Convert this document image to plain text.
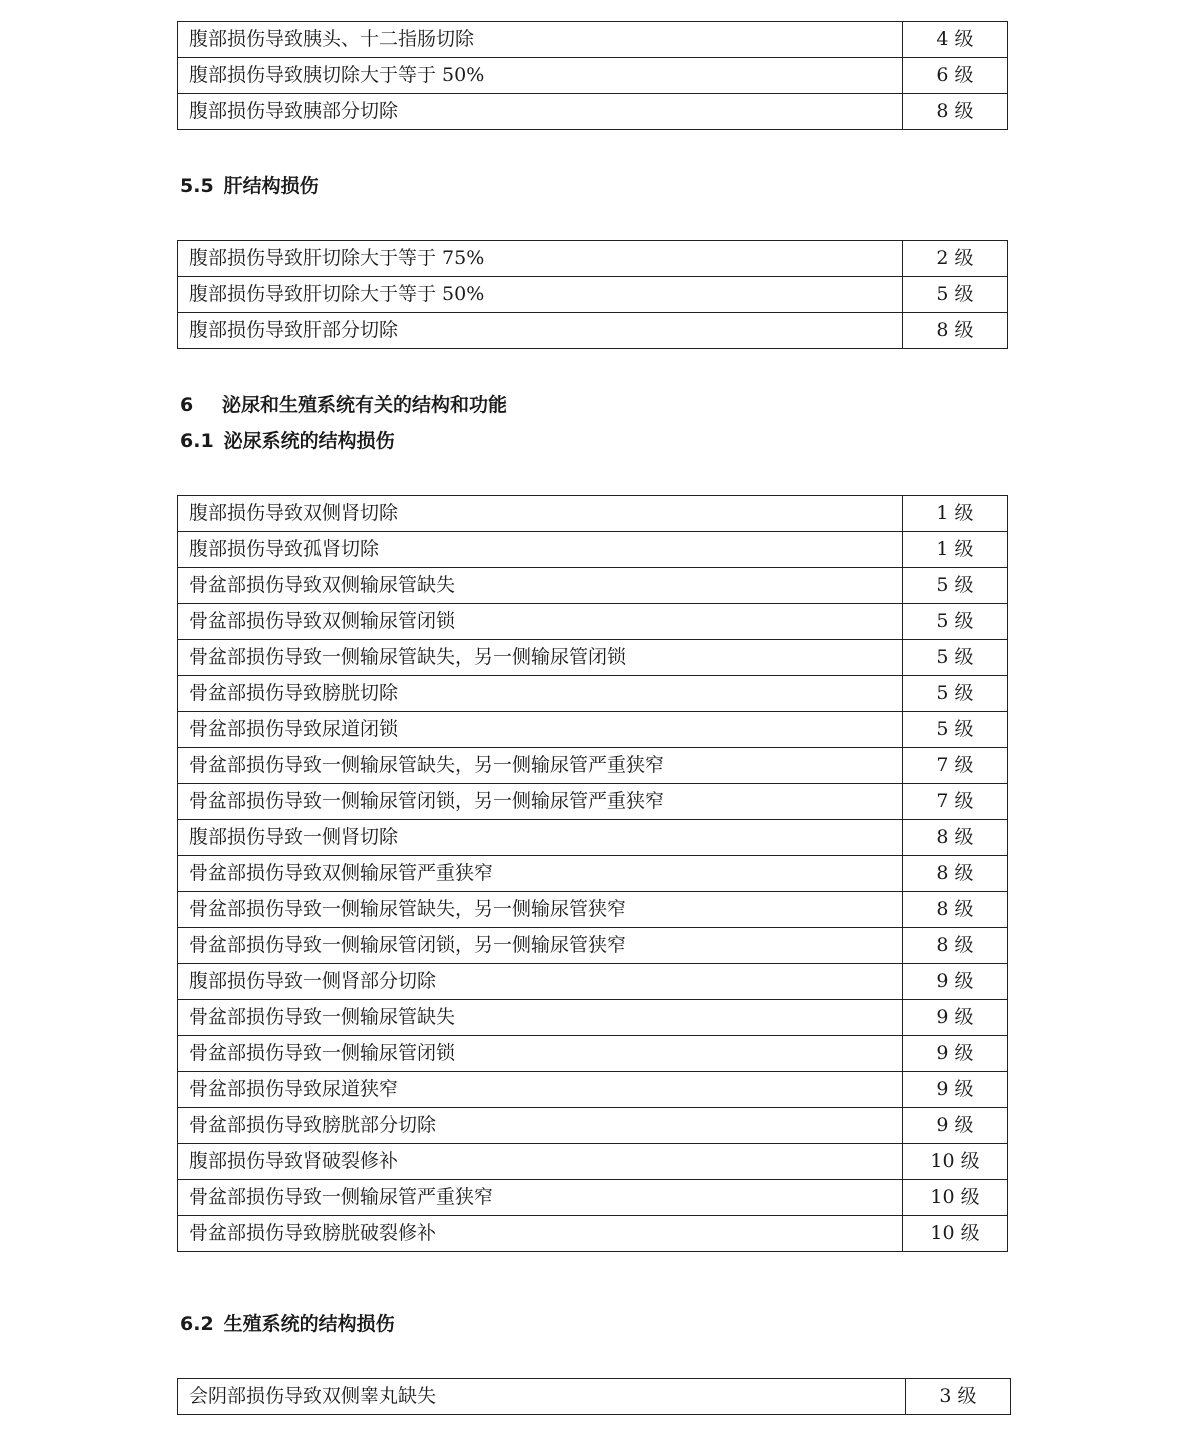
腹部损伤导致胰头、十二指肠切除	4 级
腹部损伤导致胰切除大于等于 50%	6 级
腹部损伤导致胰部分切除	8 级
5.5 肝结构损伤
腹部损伤导致肝切除大于等于 75%	2 级
腹部损伤导致肝切除大于等于 50%	5 级
腹部损伤导致肝部分切除	8 级
6 泌尿和生殖系统有关的结构和功能
6.1 泌尿系统的结构损伤
腹部损伤导致双侧肾切除	1 级
腹部损伤导致孤肾切除	1 级
骨盆部损伤导致双侧输尿管缺失	5 级
骨盆部损伤导致双侧输尿管闭锁	5 级
骨盆部损伤导致一侧输尿管缺失，另一侧输尿管闭锁	5 级
骨盆部损伤导致膀胱切除	5 级
骨盆部损伤导致尿道闭锁	5 级
骨盆部损伤导致一侧输尿管缺失，另一侧输尿管严重狭窄	7 级
骨盆部损伤导致一侧输尿管闭锁，另一侧输尿管严重狭窄	7 级
腹部损伤导致一侧肾切除	8 级
骨盆部损伤导致双侧输尿管严重狭窄	8 级
骨盆部损伤导致一侧输尿管缺失，另一侧输尿管狭窄	8 级
骨盆部损伤导致一侧输尿管闭锁，另一侧输尿管狭窄	8 级
腹部损伤导致一侧肾部分切除	9 级
骨盆部损伤导致一侧输尿管缺失	9 级
骨盆部损伤导致一侧输尿管闭锁	9 级
骨盆部损伤导致尿道狭窄	9 级
骨盆部损伤导致膀胱部分切除	9 级
腹部损伤导致肾破裂修补	10 级
骨盆部损伤导致一侧输尿管严重狭窄	10 级
骨盆部损伤导致膀胱破裂修补	10 级
6.2 生殖系统的结构损伤
会阴部损伤导致双侧睾丸缺失	3 级
